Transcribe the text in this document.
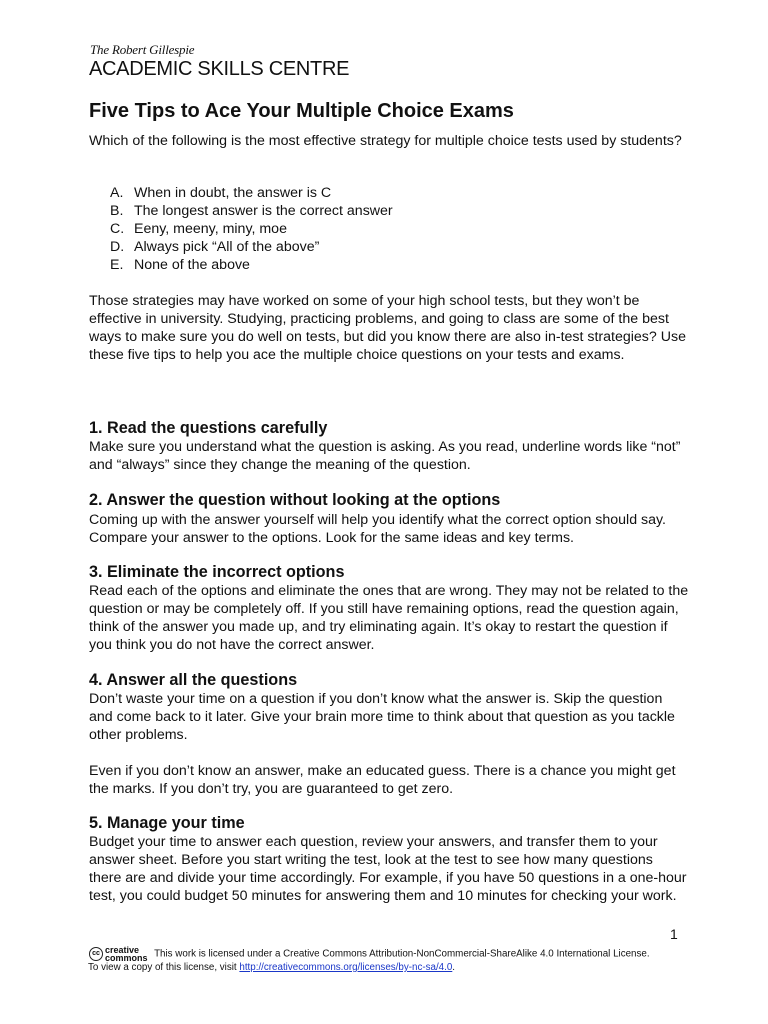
The Robert Gillespie
ACADEMIC SKILLS CENTRE
Five Tips to Ace Your Multiple Choice Exams

Which of the following is the most effective strategy for multiple choice tests used by students?

A. When in doubt, the answer is C
B. The longest answer is the correct answer
C. Eeny, meeny, miny, moe
D. Always pick “All of the above”
E. None of the above

Those strategies may have worked on some of your high school tests, but they won’t be effective in university. Studying, practicing problems, and going to class are some of the best ways to make sure you do well on tests, but did you know there are also in-test strategies? Use these five tips to help you ace the multiple choice questions on your tests and exams.

1. Read the questions carefully

Make sure you understand what the question is asking. As you read, underline words like “not” and “always” since they change the meaning of the question.

2. Answer the question without looking at the options

Coming up with the answer yourself will help you identify what the correct option should say. Compare your answer to the options. Look for the same ideas and key terms.

3. Eliminate the incorrect options

Read each of the options and eliminate the ones that are wrong. They may not be related to the question or may be completely off. If you still have remaining options, read the question again, think of the answer you made up, and try eliminating again. It’s okay to restart the question if you think you do not have the correct answer.

4. Answer all the questions

Don’t waste your time on a question if you don’t know what the answer is. Skip the question and come back to it later. Give your brain more time to think about that question as you tackle other problems.

Even if you don’t know an answer, make an educated guess. There is a chance you might get the marks. If you don’t try, you are guaranteed to get zero.

5. Manage your time

Budget your time to answer each question, review your answers, and transfer them to your answer sheet. Before you start writing the test, look at the test to see how many questions there are and divide your time accordingly. For example, if you have 50 questions in a one-hour test, you could budget 50 minutes for answering them and 10 minutes for checking your work.

1
cc creative
commons This work is licensed under a Creative Commons Attribution-NonCommercial-ShareAlike 4.0 International License.
To view a copy of this license, visit http://creativecommons.org/licenses/by-nc-sa/4.0.
